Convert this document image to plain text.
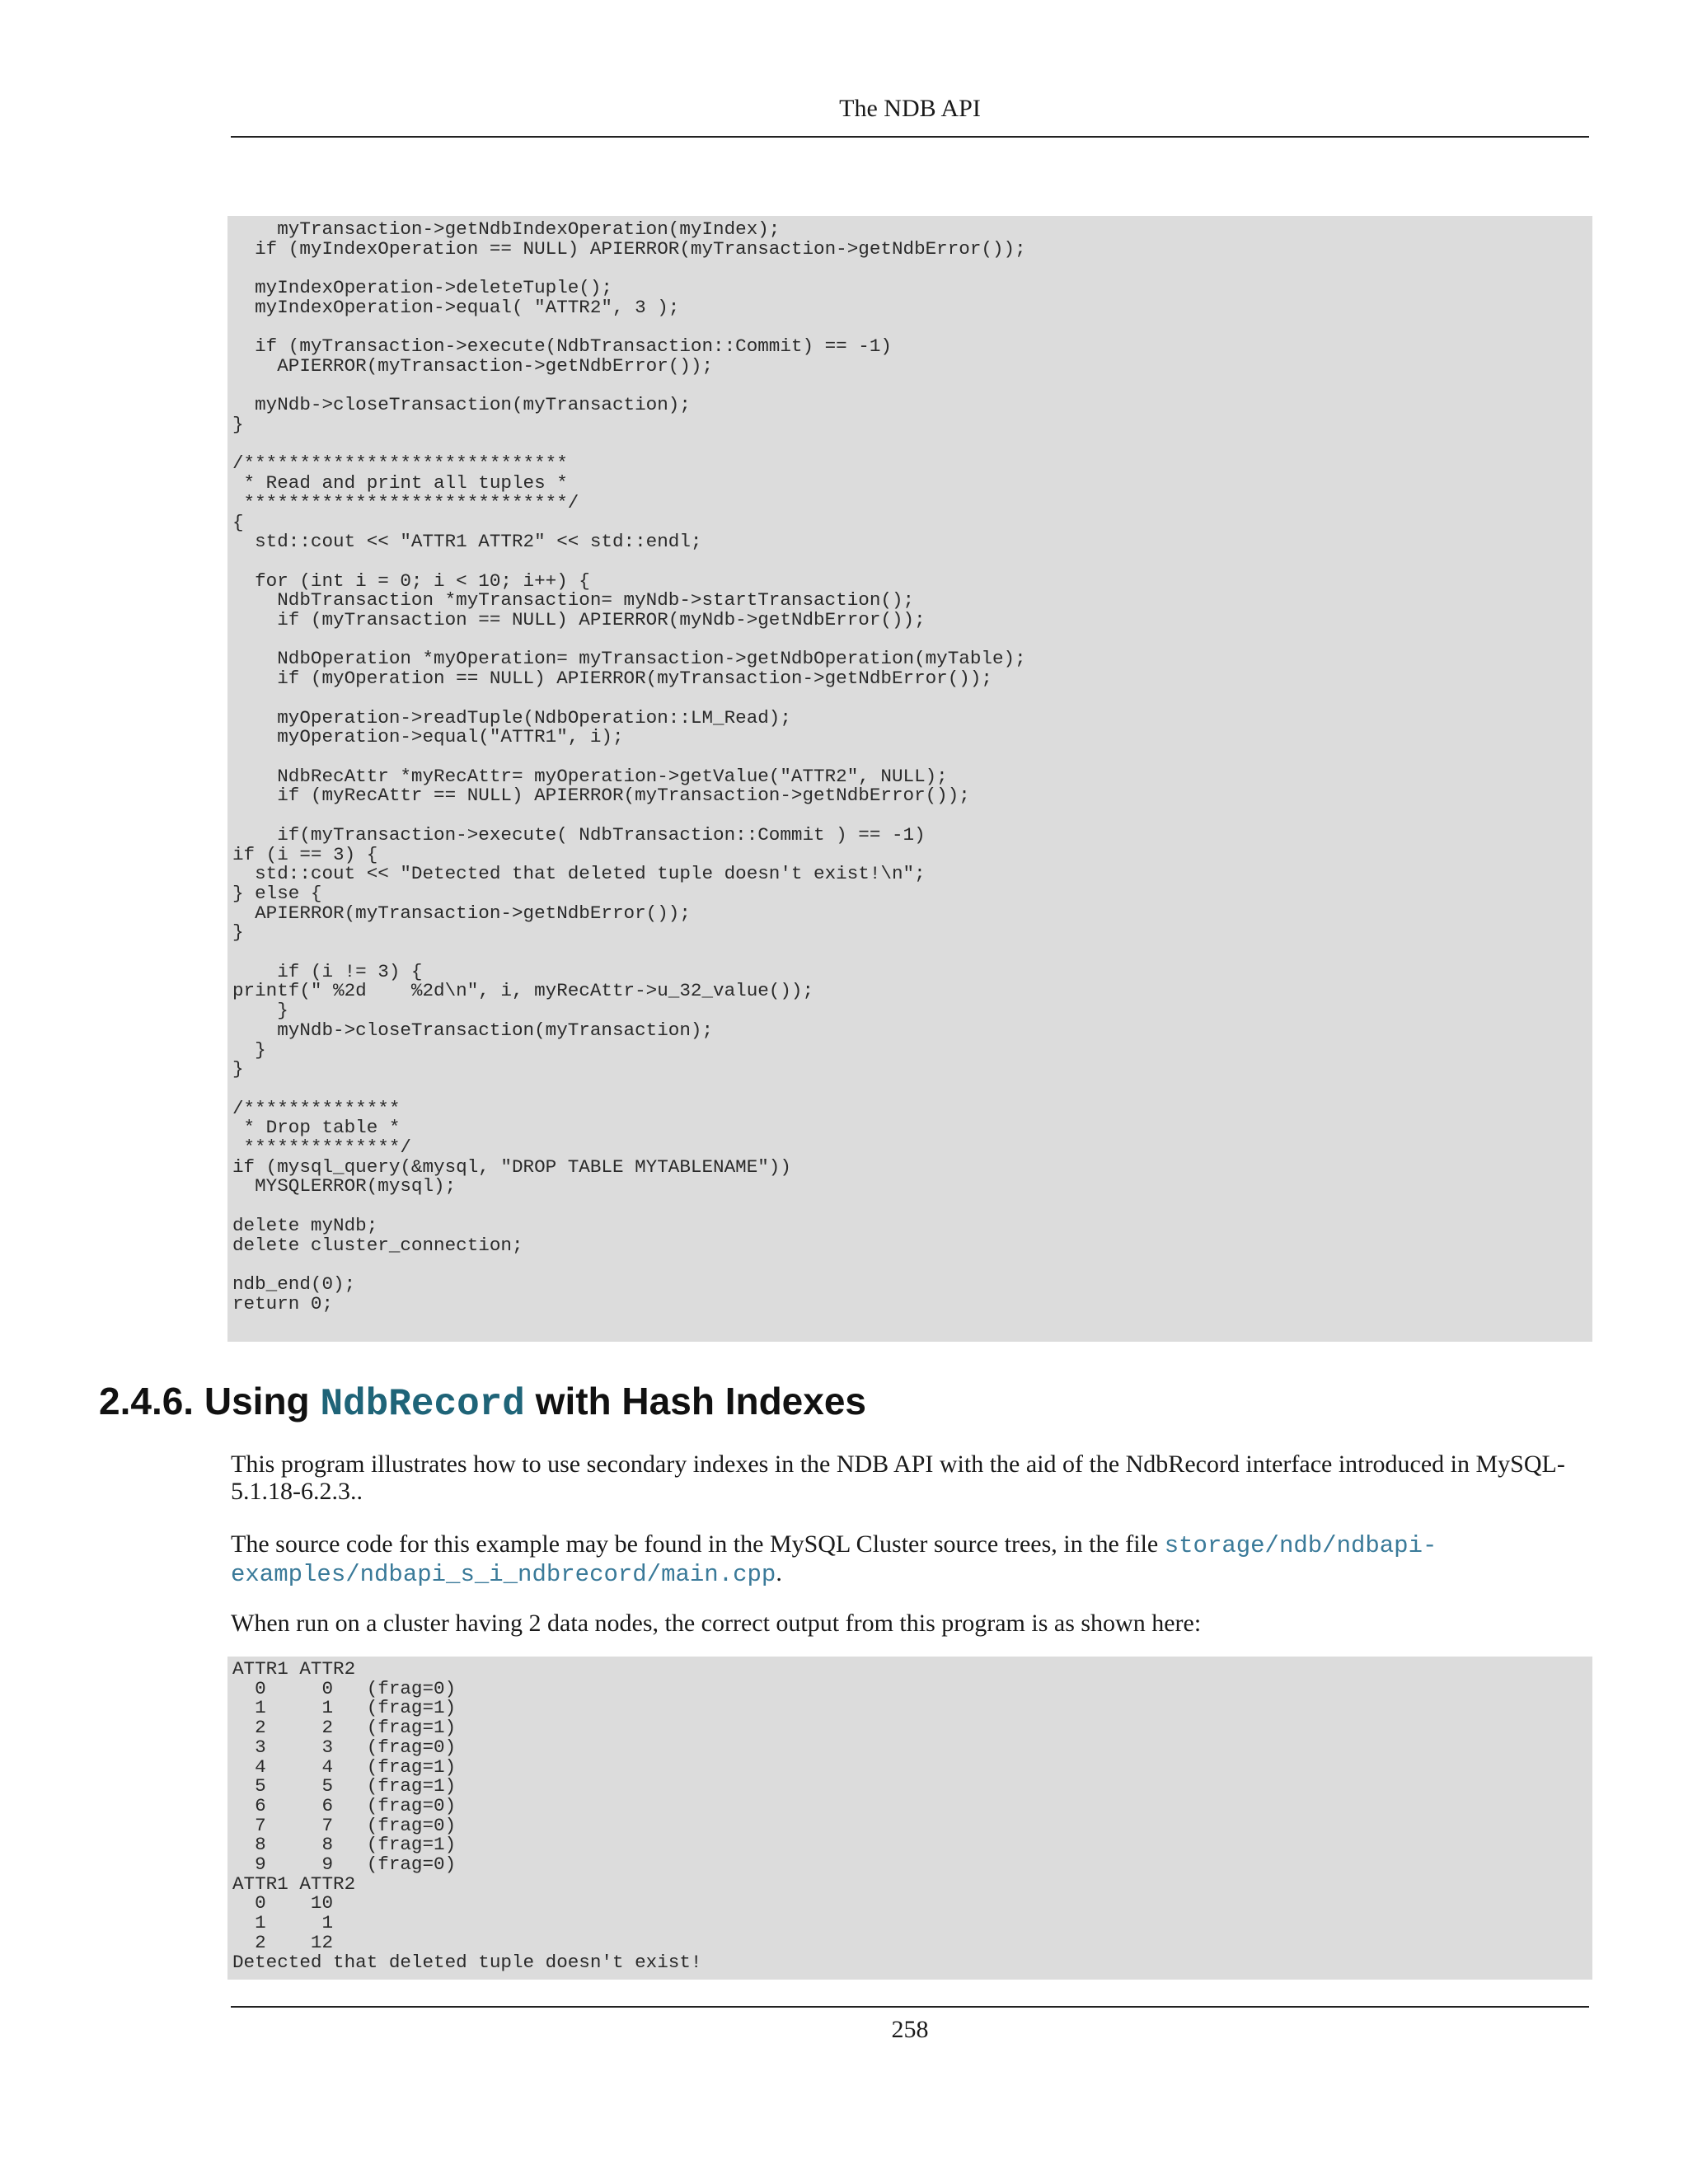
The NDB API
myTransaction->getNdbIndexOperation(myIndex);
if (myIndexOperation == NULL) APIERROR(myTransaction->getNdbError());

myIndexOperation->deleteTuple();
myIndexOperation->equal( "ATTR2", 3 );

if (myTransaction->execute(NdbTransaction::Commit) == -1)
APIERROR(myTransaction->getNdbError());

myNdb->closeTransaction(myTransaction);
}

/*****************************
* Read and print all tuples *
*****************************/
{
std::cout << "ATTR1 ATTR2" << std::endl;

for (int i = 0; i < 10; i++) {
NdbTransaction *myTransaction= myNdb->startTransaction();
if (myTransaction == NULL) APIERROR(myNdb->getNdbError());

NdbOperation *myOperation= myTransaction->getNdbOperation(myTable);
if (myOperation == NULL) APIERROR(myTransaction->getNdbError());

myOperation->readTuple(NdbOperation::LM_Read);
myOperation->equal("ATTR1", i);

NdbRecAttr *myRecAttr= myOperation->getValue("ATTR2", NULL);
if (myRecAttr == NULL) APIERROR(myTransaction->getNdbError());

if(myTransaction->execute( NdbTransaction::Commit ) == -1)
if (i == 3) {
std::cout << "Detected that deleted tuple doesn't exist!\n";
} else {
APIERROR(myTransaction->getNdbError());
}

if (i != 3) {
printf(" %2d    %2d\n", i, myRecAttr->u_32_value());
}
myNdb->closeTransaction(myTransaction);
}
}

/**************
* Drop table *
**************/
if (mysql_query(&mysql, "DROP TABLE MYTABLENAME"))
MYSQLERROR(mysql);

delete myNdb;
delete cluster_connection;

ndb_end(0);
return 0;
2.4.6. Using NdbRecord with Hash Indexes

This program illustrates how to use secondary indexes in the NDB API with the aid of the NdbRecord interface introduced in MySQL-5.1.18-6.2.3..

The source code for this example may be found in the MySQL Cluster source trees, in the file storage/ndb/ndbapi-examples/ndbapi_s_i_ndbrecord/main.cpp.

When run on a cluster having 2 data nodes, the correct output from this program is as shown here:

ATTR1 ATTR2
0     0   (frag=0)
1     1   (frag=1)
2     2   (frag=1)
3     3   (frag=0)
4     4   (frag=1)
5     5   (frag=1)
6     6   (frag=0)
7     7   (frag=0)
8     8   (frag=1)
9     9   (frag=0)
ATTR1 ATTR2
0    10
1     1
2    12
Detected that deleted tuple doesn't exist!
258
